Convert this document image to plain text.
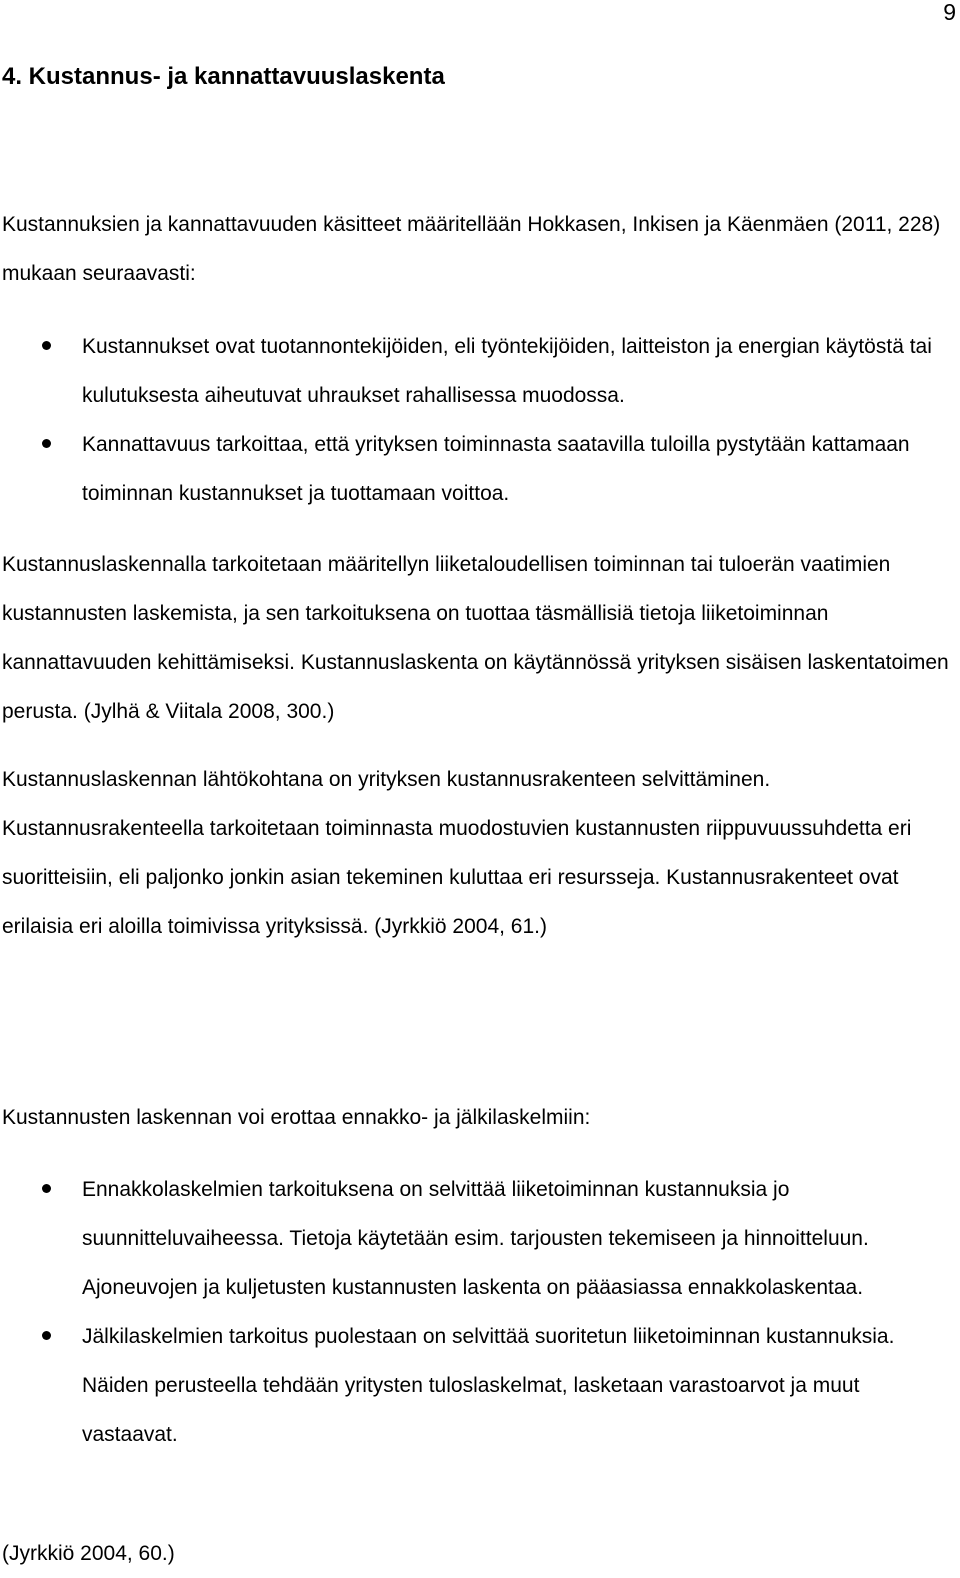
9
4. Kustannus- ja kannattavuuslaskenta

Kustannuksien ja kannattavuuden käsitteet määritellään Hokkasen, Inkisen ja Käenmäen (2011, 228) mukaan seuraavasti:

Kustannukset ovat tuotannontekijöiden, eli työntekijöiden, laitteiston ja energian käytöstä tai kulutuksesta aiheutuvat uhraukset rahallisessa muodossa.
Kannattavuus tarkoittaa, että yrityksen toiminnasta saatavilla tuloilla pystytään kattamaan toiminnan kustannukset ja tuottamaan voittoa.

Kustannuslaskennalla tarkoitetaan määritellyn liiketaloudellisen toiminnan tai tuloerän vaatimien kustannusten laskemista, ja sen tarkoituksena on tuottaa täsmällisiä tietoja liiketoiminnan kannattavuuden kehittämiseksi. Kustannuslaskenta on käytännössä yrityksen sisäisen laskentatoimen perusta. (Jylhä & Viitala 2008, 300.)

Kustannuslaskennan lähtökohtana on yrityksen kustannusrakenteen selvittäminen. Kustannusrakenteella tarkoitetaan toiminnasta muodostuvien kustannusten riippuvuussuhdetta eri suoritteisiin, eli paljonko jonkin asian tekeminen kuluttaa eri resursseja. Kustannusrakenteet ovat erilaisia eri aloilla toimivissa yrityksissä. (Jyrkkiö 2004, 61.)

Kustannusten laskennan voi erottaa ennakko- ja jälkilaskelmiin:

Ennakkolaskelmien tarkoituksena on selvittää liiketoiminnan kustannuksia jo suunnitteluvaiheessa. Tietoja käytetään esim. tarjousten tekemiseen ja hinnoitteluun. Ajoneuvojen ja kuljetusten kustannusten laskenta on pääasiassa ennakkolaskentaa.
Jälkilaskelmien tarkoitus puolestaan on selvittää suoritetun liiketoiminnan kustannuksia. Näiden perusteella tehdään yritysten tuloslaskelmat, lasketaan varastoarvot ja muut vastaavat.

(Jyrkkiö 2004, 60.)
